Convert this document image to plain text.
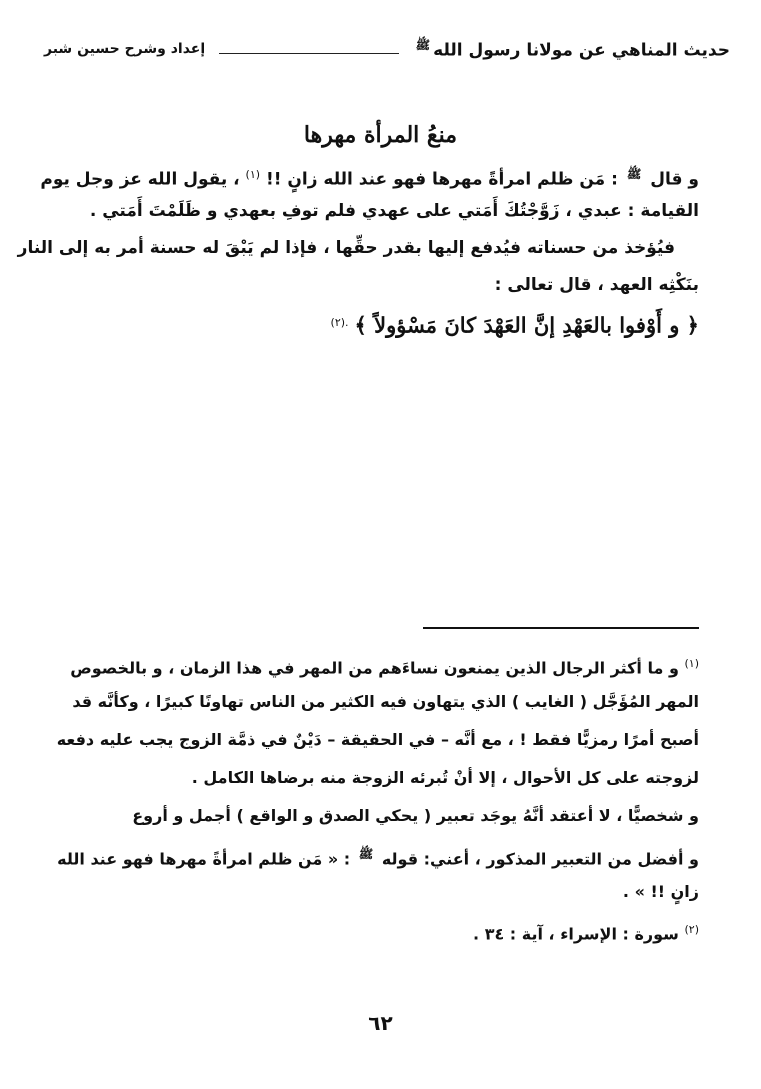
حديث المناهي عن مولانا رسول الله$^ﷺ$
إعداد وشرح حسين شبر
منعُ المرأة مهرها
و قال $^ﷺ$ : مَن ظلم امرأةً مهرها فهو عند الله زانٍ !! $^{(١)}$ ، يقول الله عز وجل يوم
القيامة : عبدي ، زَوَّجْتُكَ أَمَتي على عهدي فلم توفِ بعهدي و ظَلَمْتَ أَمَتي .
فيُؤخذ من حسناته فيُدفع إليها بقدر حقِّها ، فإذا لم يَبْقَ له حسنة أمر به إلى النار
بنَكْثِه العهد ، قال تعالى :
﴿ و أَوْفوا بالعَهْدِ إنَّ العَهْدَ كانَ مَسْؤولاً ﴾ $^{.(٢)}$
$^{(١)}$ و ما أكثر الرجال الذين يمنعون نساءَهم من المهر في هذا الزمان ، و بالخصوص
المهر المُؤَجَّل ( الغايب ) الذي يتهاون فيه الكثير من الناس تهاونًا كبيرًا ، وكأنَّه قد
أصبح أمرًا رمزيًّا فقط ! ، مع أنَّه – في الحقيقة – دَيْنٌ في ذمَّة الزوج يجب عليه دفعه
لزوجته على كل الأحوال ، إلا أنْ تُبرئه الزوجة منه برضاها الكامل .
و شخصيًّا ، لا أعتقد أنَّهُ يوجَد تعبير ( يحكي الصدق و الواقع ) أجمل و أروع
و أفضل من التعبير المذكور ، أعني: قوله $^ﷺ$ : « مَن ظلم امرأةً مهرها فهو عند الله
زانٍ !! » .
$^{(٢)}$ سورة : الإسراء ، آية : ٣٤ .
٦٢
